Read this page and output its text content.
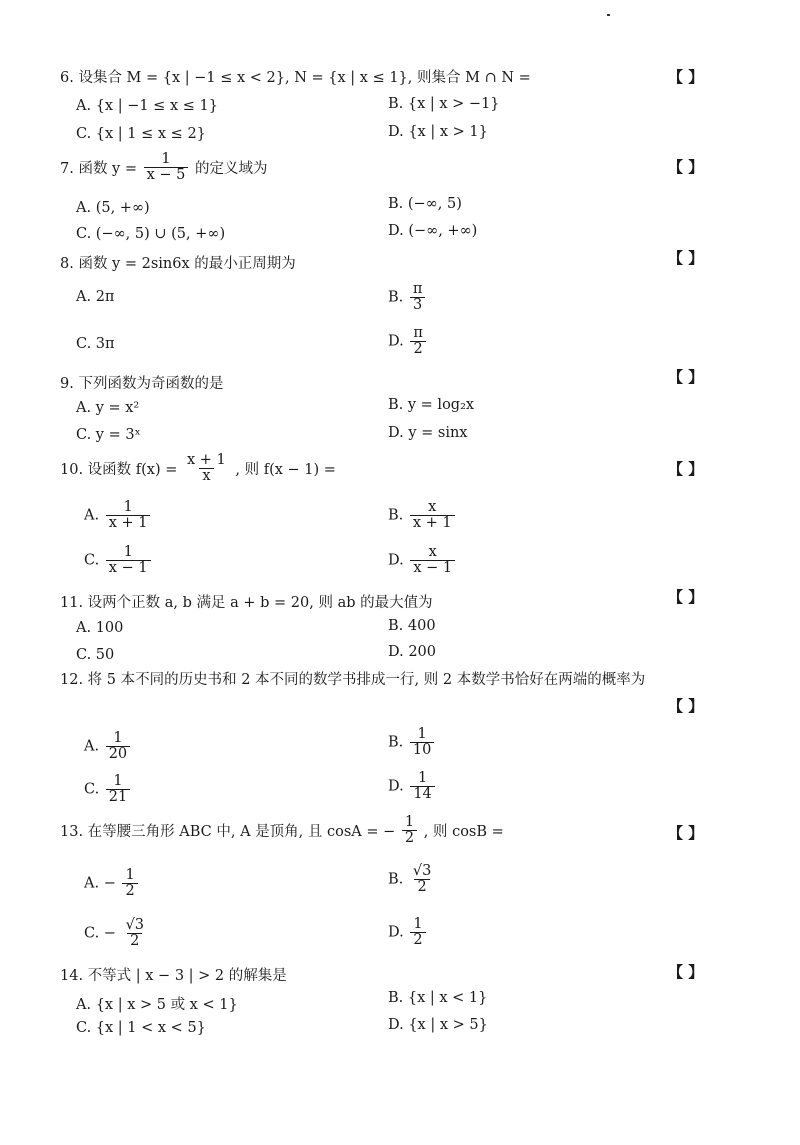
6. 设集合 M = {x | −1 ≤ x < 2}, N = {x | x ≤ 1}, 则集合 M ∩ N =	【 】
A. {x | −1 ≤ x ≤ 1}	B. {x | x > −1}
C. {x | 1 ≤ x ≤ 2}	D. {x | x > 1}
7. 函数 $y = \frac{1}{x - 5}$ 的定义域为	【 】
A. (5, +∞)	B. (−∞, 5)
C. (−∞, 5) ∪ (5, +∞)	D. (−∞, +∞)
8. 函数 y = 2sin6x 的最小正周期为	【 】
A. 2π	B. $\frac{\pi}{3}$
C. 3π	D. $\frac{\pi}{2}$
9. 下列函数为奇函数的是	【 】
A. y = x²	B. y = log₂x
C. y = 3ˣ	D. y = sinx
10. 设函数 $f(x) = \frac{x + 1}{x}$ , 则 f(x − 1) =	【 】
A. $\frac{1}{x + 1}$	B. $\frac{x}{x + 1}$
C. $\frac{1}{x - 1}$	D. $\frac{x}{x - 1}$
11. 设两个正数 a, b 满足 a + b = 20, 则 ab 的最大值为	【 】
A. 100	B. 400
C. 50	D. 200
12. 将 5 本不同的历史书和 2 本不同的数学书排成一行, 则 2 本数学书恰好在两端的概率为
【 】
A. $\frac{1}{20}$	B. $\frac{1}{10}$
C. $\frac{1}{21}$	D. $\frac{1}{14}$
13. 在等腰三角形 ABC 中, A 是顶角, 且 cosA = − $\frac{1}{2}$ , 则 cosB =	【 】
A. − $\frac{1}{2}$	B. $\frac{√3}{2}$
C. − $\frac{√3}{2}$	D. $\frac{1}{2}$
14. 不等式 | x − 3 | > 2 的解集是	【 】
A. {x | x > 5 或 x < 1}	B. {x | x < 1}
C. {x | 1 < x < 5}	D. {x | x > 5}
